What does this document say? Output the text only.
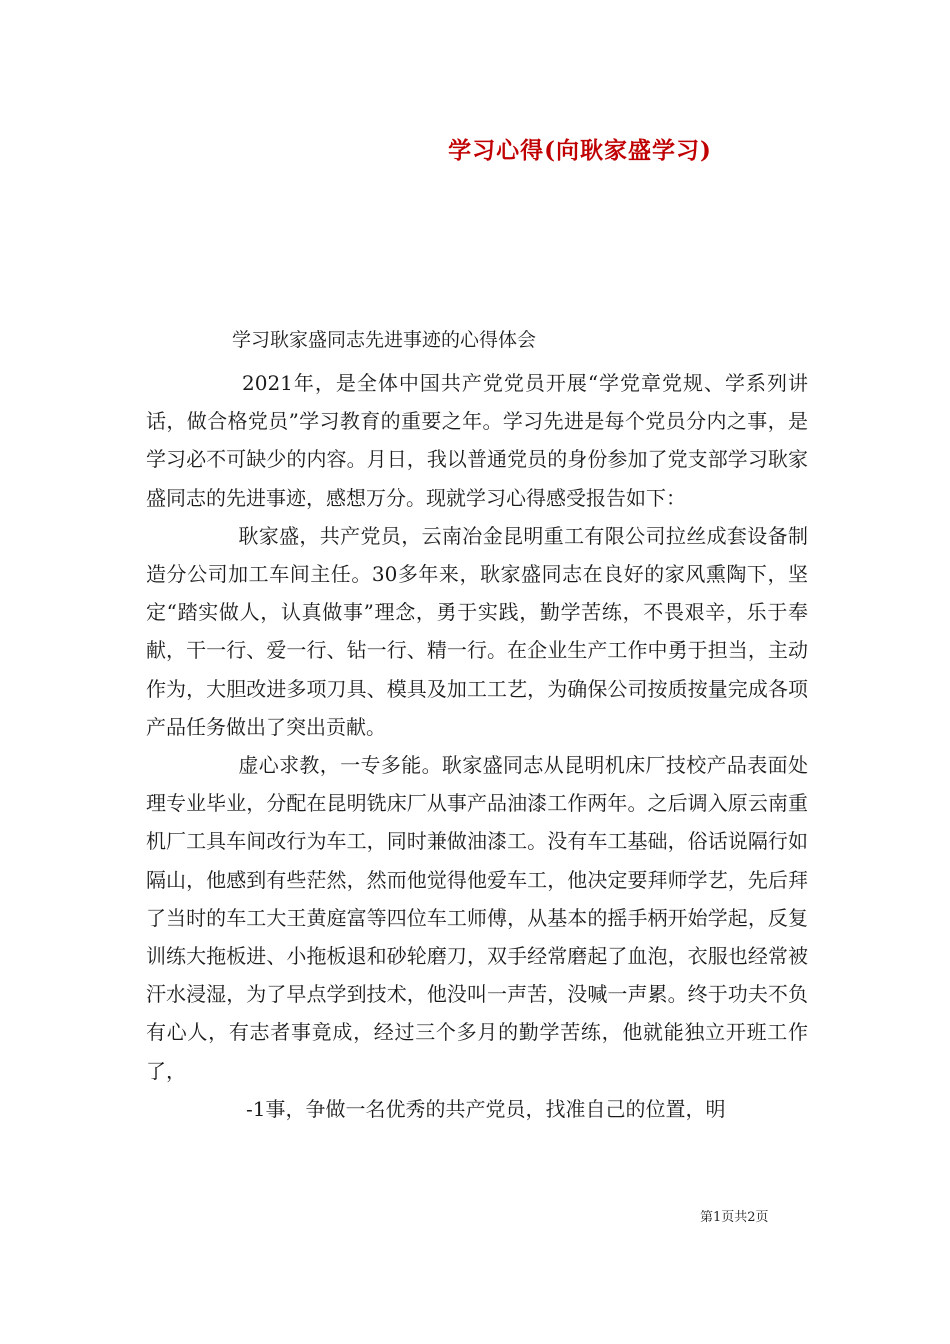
学习心得(向耿家盛学习)

学习耿家盛同志先进事迹的心得体会

2021年，是全体中国共产党党员开展“学党章党规、学系列讲话，做合格党员”学习教育的重要之年。学习先进是每个党员分内之事，是学习必不可缺少的内容。月日，我以普通党员的身份参加了党支部学习耿家盛同志的先进事迹，感想万分。现就学习心得感受报告如下：

耿家盛，共产党员，云南冶金昆明重工有限公司拉丝成套设备制造分公司加工车间主任。30多年来，耿家盛同志在良好的家风熏陶下，坚定“踏实做人，认真做事”理念，勇于实践，勤学苦练，不畏艰辛，乐于奉献，干一行、爱一行、钻一行、精一行。在企业生产工作中勇于担当，主动作为，大胆改进多项刀具、模具及加工工艺，为确保公司按质按量完成各项产品任务做出了突出贡献。

虚心求教，一专多能。耿家盛同志从昆明机床厂技校产品表面处理专业毕业，分配在昆明铣床厂从事产品油漆工作两年。之后调入原云南重机厂工具车间改行为车工，同时兼做油漆工。没有车工基础，俗话说隔行如隔山，他感到有些茫然，然而他觉得他爱车工，他决定要拜师学艺，先后拜了当时的车工大王黄庭富等四位车工师傅，从基本的摇手柄开始学起，反复训练大拖板进、小拖板退和砂轮磨刀，双手经常磨起了血泡，衣服也经常被汗水浸湿，为了早点学到技术，他没叫一声苦，没喊一声累。终于功夫不负有心人，有志者事竟成，经过三个多月的勤学苦练，他就能独立开班工作了，

-1事，争做一名优秀的共产党员，找准自己的位置，明

第1页共2页
